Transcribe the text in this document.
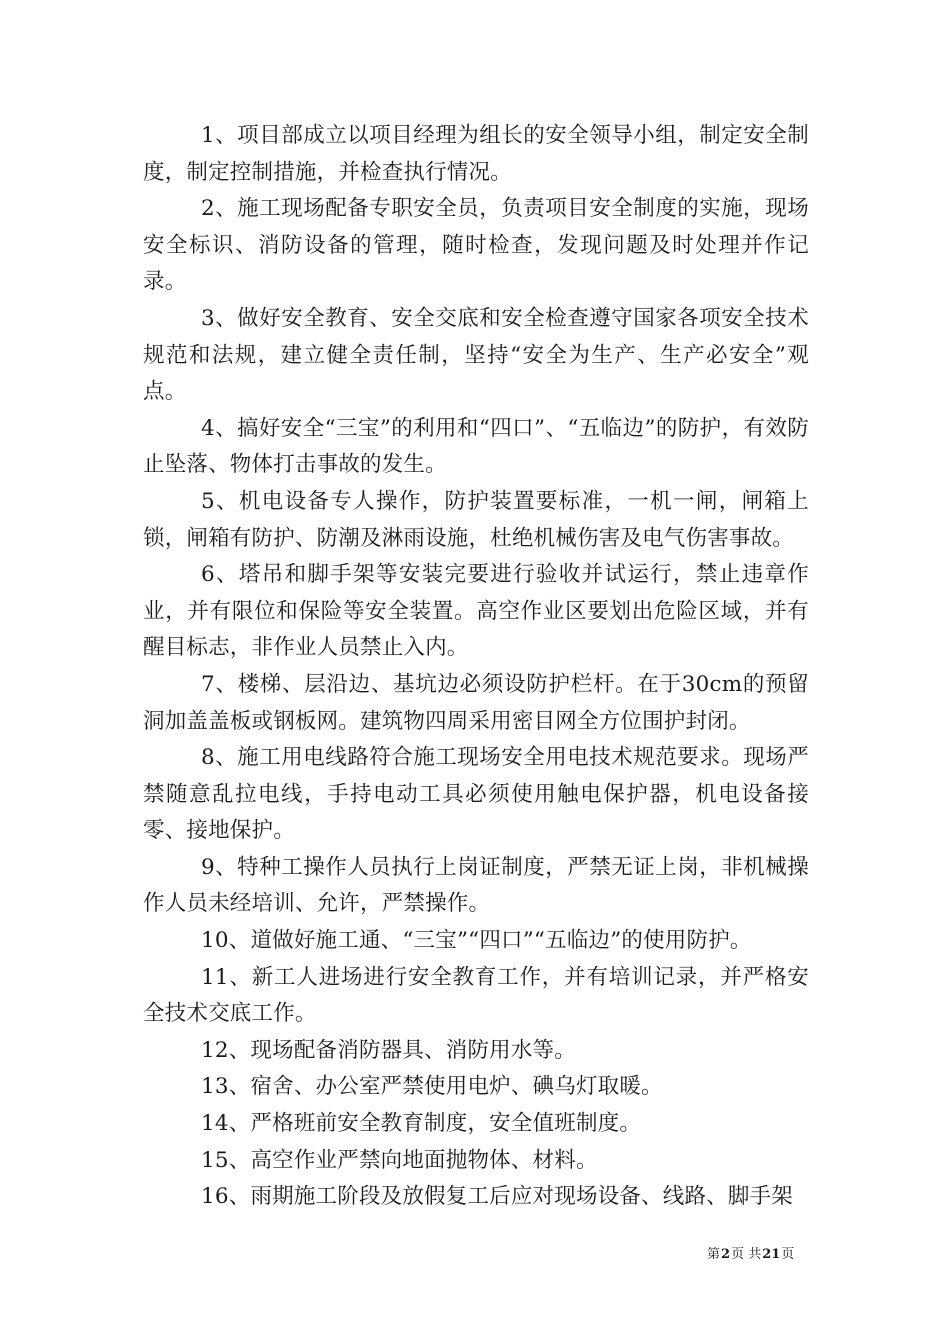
1、项目部成立以项目经理为组长的安全领导小组，制定安全制度，制定控制措施，并检查执行情况。

2、施工现场配备专职安全员，负责项目安全制度的实施，现场安全标识、消防设备的管理，随时检查，发现问题及时处理并作记录。

3、做好安全教育、安全交底和安全检查遵守国家各项安全技术规范和法规，建立健全责任制，坚持“安全为生产、生产必安全”观点。

4、搞好安全“三宝”的利用和“四口”、“五临边”的防护，有效防止坠落、物体打击事故的发生。

5、机电设备专人操作，防护装置要标准，一机一闸，闸箱上锁，闸箱有防护、防潮及淋雨设施，杜绝机械伤害及电气伤害事故。

6、塔吊和脚手架等安装完要进行验收并试运行，禁止违章作业，并有限位和保险等安全装置。高空作业区要划出危险区域，并有醒目标志，非作业人员禁止入内。

7、楼梯、层沿边、基坑边必须设防护栏杆。在于30cm的预留洞加盖盖板或钢板网。建筑物四周采用密目网全方位围护封闭。

8、施工用电线路符合施工现场安全用电技术规范要求。现场严禁随意乱拉电线，手持电动工具必须使用触电保护器，机电设备接零、接地保护。

9、特种工操作人员执行上岗证制度，严禁无证上岗，非机械操作人员未经培训、允许，严禁操作。

10、道做好施工通、“三宝”“四口”“五临边”的使用防护。

11、新工人进场进行安全教育工作，并有培训记录，并严格安全技术交底工作。

12、现场配备消防器具、消防用水等。

13、宿舍、办公室严禁使用电炉、碘乌灯取暖。

14、严格班前安全教育制度，安全值班制度。

15、高空作业严禁向地面抛物体、材料。

16、雨期施工阶段及放假复工后应对现场设备、线路、脚手架

第2页 共21页
